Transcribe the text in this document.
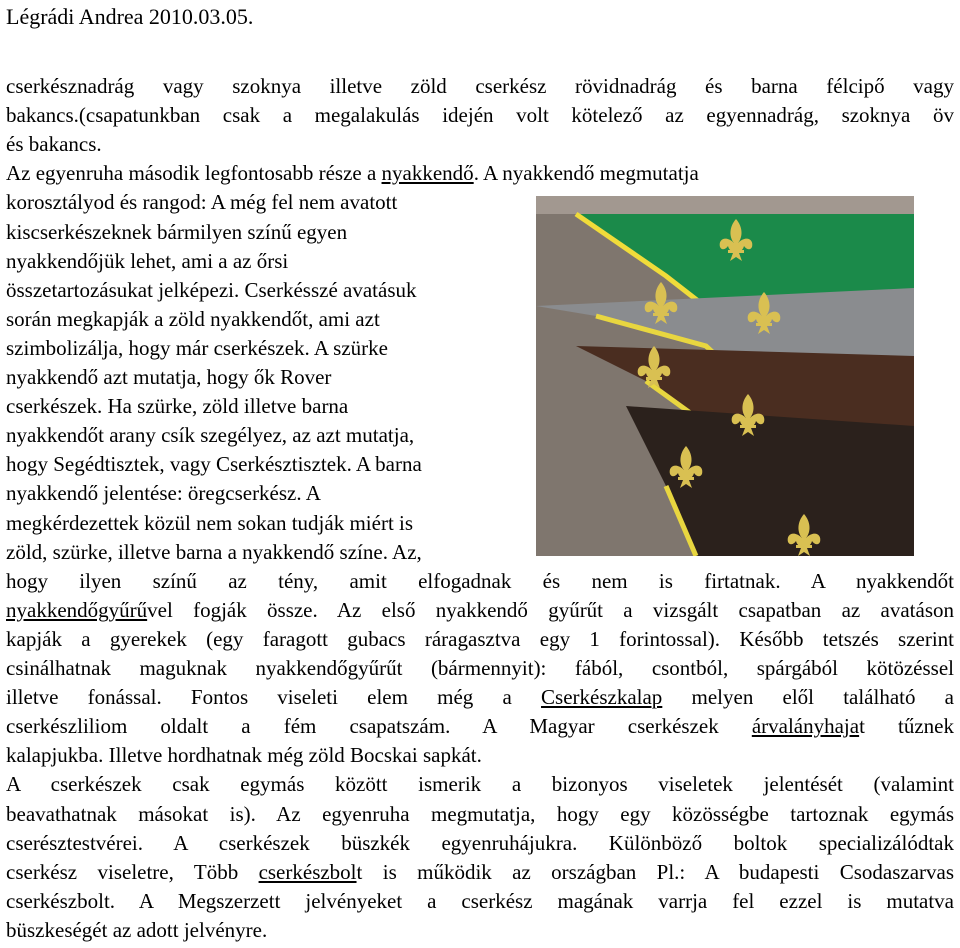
Légrádi Andrea 2010.03.05.
cserkésznadrág vagy szoknya illetve zöld cserkész rövidnadrág és barna félcipő vagy
bakancs.(csapatunkban csak a megalakulás idején volt kötelező az egyennadrág, szoknya öv
és bakancs.
Az egyenruha második legfontosabb része a nyakkendő. A nyakkendő megmutatja
korosztályod és rangod: A még fel nem avatott
kiscserkészeknek bármilyen színű egyen
nyakkendőjük lehet, ami a az őrsi
összetartozásukat jelképezi. Cserkésszé avatásuk
során megkapják a zöld nyakkendőt, ami azt
szimbolizálja, hogy már cserkészek. A szürke
nyakkendő azt mutatja, hogy ők Rover
cserkészek. Ha szürke, zöld illetve barna
nyakkendőt arany csík szegélyez, az azt mutatja,
hogy Segédtisztek, vagy Cserkésztisztek. A barna
nyakkendő jelentése: öregcserkész. A
megkérdezettek közül nem sokan tudják miért is
zöld, szürke, illetve barna a nyakkendő színe. Az,
hogy ilyen színű az tény, amit elfogadnak és nem is firtatnak. A nyakkendőt
nyakkendőgyűrűvel fogják össze. Az első nyakkendő gyűrűt a vizsgált csapatban az avatáson
kapják a gyerekek (egy faragott gubacs ráragasztva egy 1 forintossal). Később tetszés szerint
csinálhatnak maguknak nyakkendőgyűrűt (bármennyit): fából, csontból, spárgából kötözéssel
illetve fonással. Fontos viseleti elem még a Cserkészkalap melyen elől található a
cserkészliliom oldalt a fém csapatszám. A Magyar cserkészek árvalányhajat tűznek
kalapjukba. Illetve hordhatnak még zöld Bocskai sapkát.
A cserkészek csak egymás között ismerik a bizonyos viseletek jelentését (valamint
beavathatnak másokat is). Az egyenruha megmutatja, hogy egy közösségbe tartoznak egymás
cserésztestvérei. A cserkészek büszkék egyenruhájukra. Különböző boltok specializálódtak
cserkész viseletre, Több cserkészbolt is működik az országban Pl.: A budapesti Csodaszarvas
cserkészbolt. A Megszerzett jelvényeket a cserkész magának varrja fel ezzel is mutatva
büszkeségét az adott jelvényre.
